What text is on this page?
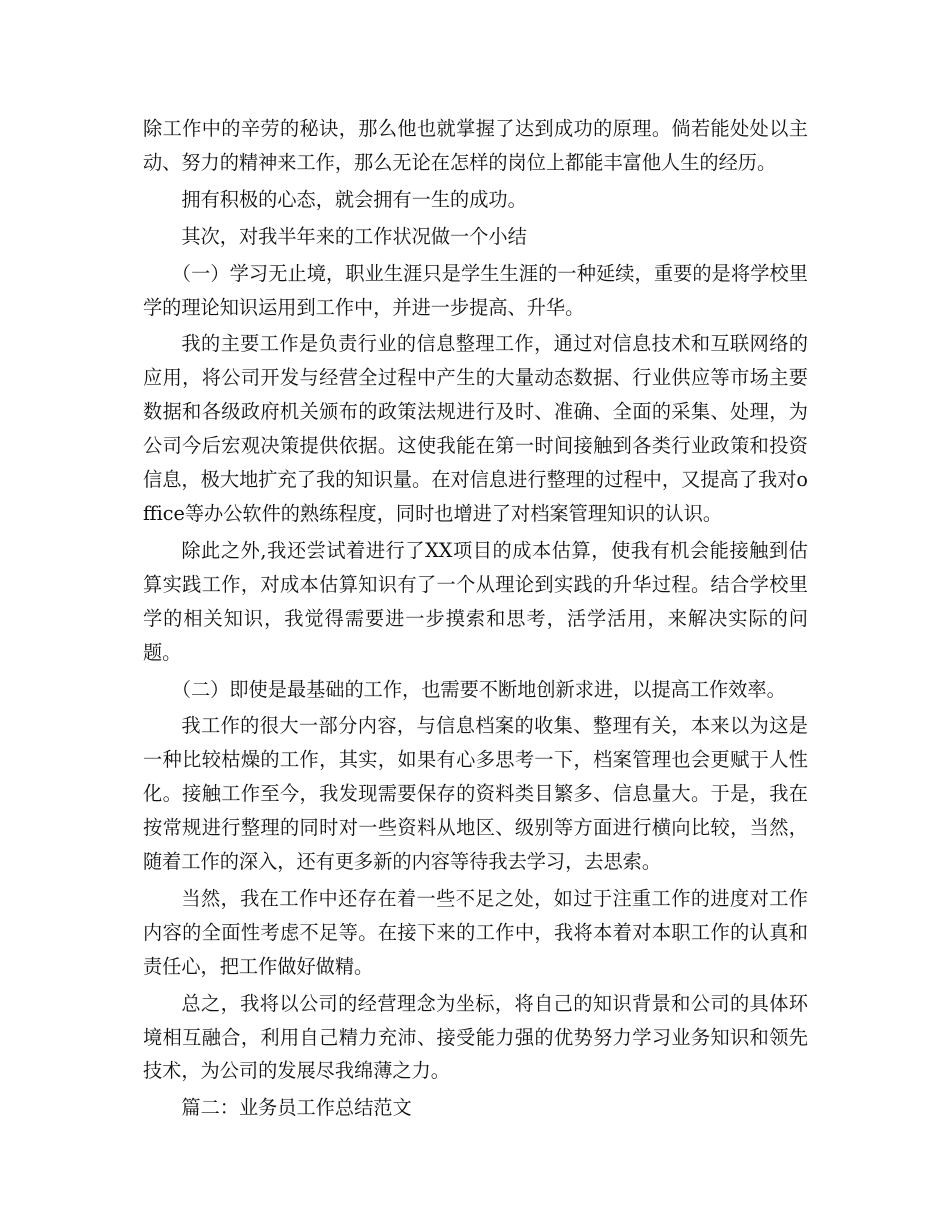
除工作中的辛劳的秘诀，那么他也就掌握了达到成功的原理。倘若能处处以主动、努力的精神来工作，那么无论在怎样的岗位上都能丰富他人生的经历。

拥有积极的心态，就会拥有一生的成功。

其次，对我半年来的工作状况做一个小结

（一）学习无止境，职业生涯只是学生生涯的一种延续，重要的是将学校里学的理论知识运用到工作中，并进一步提高、升华。

我的主要工作是负责行业的信息整理工作，通过对信息技术和互联网络的应用，将公司开发与经营全过程中产生的大量动态数据、行业供应等市场主要数据和各级政府机关颁布的政策法规进行及时、准确、全面的采集、处理，为公司今后宏观决策提供依据。这使我能在第一时间接触到各类行业政策和投资信息，极大地扩充了我的知识量。在对信息进行整理的过程中，又提高了我对office等办公软件的熟练程度，同时也增进了对档案管理知识的认识。

除此之外,我还尝试着进行了XX项目的成本估算，使我有机会能接触到估算实践工作，对成本估算知识有了一个从理论到实践的升华过程。结合学校里学的相关知识，我觉得需要进一步摸索和思考，活学活用，来解决实际的问题。

（二）即使是最基础的工作，也需要不断地创新求进，以提高工作效率。

我工作的很大一部分内容，与信息档案的收集、整理有关，本来以为这是一种比较枯燥的工作，其实，如果有心多思考一下，档案管理也会更赋于人性化。接触工作至今，我发现需要保存的资料类目繁多、信息量大。于是，我在按常规进行整理的同时对一些资料从地区、级别等方面进行横向比较，当然，随着工作的深入，还有更多新的内容等待我去学习，去思索。

当然，我在工作中还存在着一些不足之处，如过于注重工作的进度对工作内容的全面性考虑不足等。在接下来的工作中，我将本着对本职工作的认真和责任心，把工作做好做精。

总之，我将以公司的经营理念为坐标，将自己的知识背景和公司的具体环境相互融合，利用自己精力充沛、接受能力强的优势努力学习业务知识和领先技术，为公司的发展尽我绵薄之力。

篇二：业务员工作总结范文
